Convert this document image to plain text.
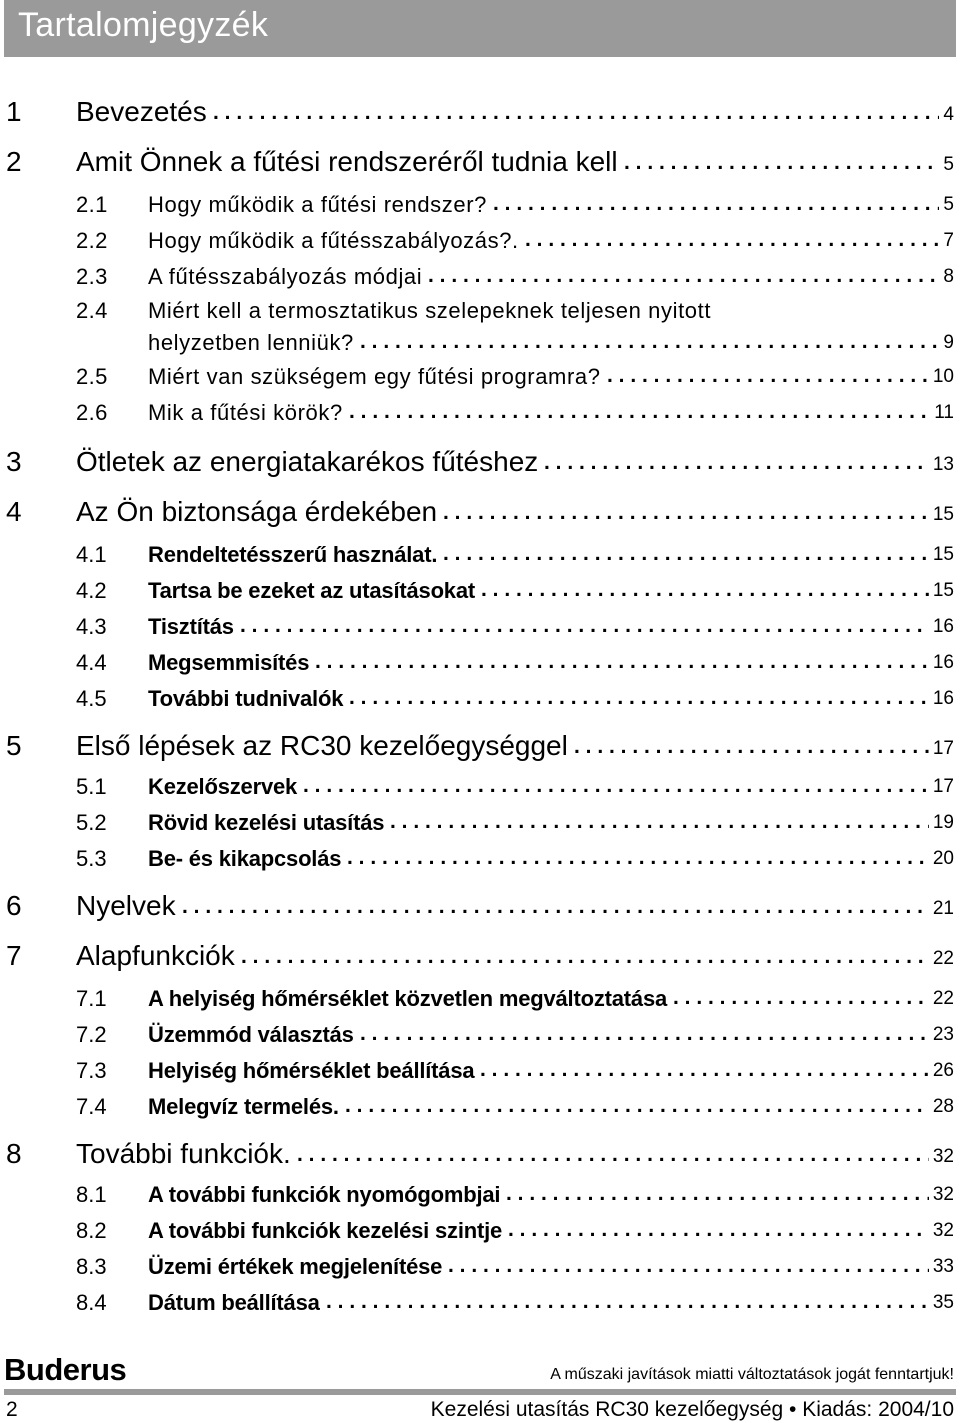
Tartalomjegyzék
1 Bevezetés	4
. . .
2 Amit Önnek a fűtési rendszeréről tudnia kell	5
. . .
2.1 Hogy működik a fűtési rendszer?	5
. . .
2.2 Hogy működik a fűtésszabályozás?.	7
. . .
2.3 A fűtésszabályozás módjai	8
. . .
2.4 Miért kell a termosztatikus szelepeknek teljesen nyitott
helyzetben lenniük?	9
. . .
2.5 Miért van szükségem egy fűtési programra?	10
. . .
2.6 Mik a fűtési körök?	11
. . .
3 Ötletek az energiatakarékos fűtéshez	13
. . .
4 Az Ön biztonsága érdekében	15
. . .
4.1 Rendeltetésszerű használat.	15
. . .
4.2 Tartsa be ezeket az utasításokat	15
. . .
4.3 Tisztítás	16
. . .
4.4 Megsemmisítés	16
. . .
4.5 További tudnivalók	16
. . .
5 Első lépések az RC30 kezelőegységgel	17
. . .
5.1 Kezelőszervek	17
. . .
5.2 Rövid kezelési utasítás	19
. . .
5.3 Be- és kikapcsolás	20
. . .
6 Nyelvek	21
. . .
7 Alapfunkciók	22
. . .
7.1 A helyiség hőmérséklet közvetlen megváltoztatása	22
. . .
7.2 Üzemmód választás	23
. . .
7.3 Helyiség hőmérséklet beállítása	26
. . .
7.4 Melegvíz termelés.	28
. . .
8 További funkciók.	32
. . .
8.1 A további funkciók nyomógombjai	32
. . .
8.2 A további funkciók kezelési szintje	32
. . .
8.3 Üzemi értékek megjelenítése	33
. . .
8.4 Dátum beállítása	35
. . .
Buderus	A műszaki javítások miatti változtatások jogát fenntartjuk!
2	Kezelési utasítás RC30 kezelőegység • Kiadás: 2004/10
